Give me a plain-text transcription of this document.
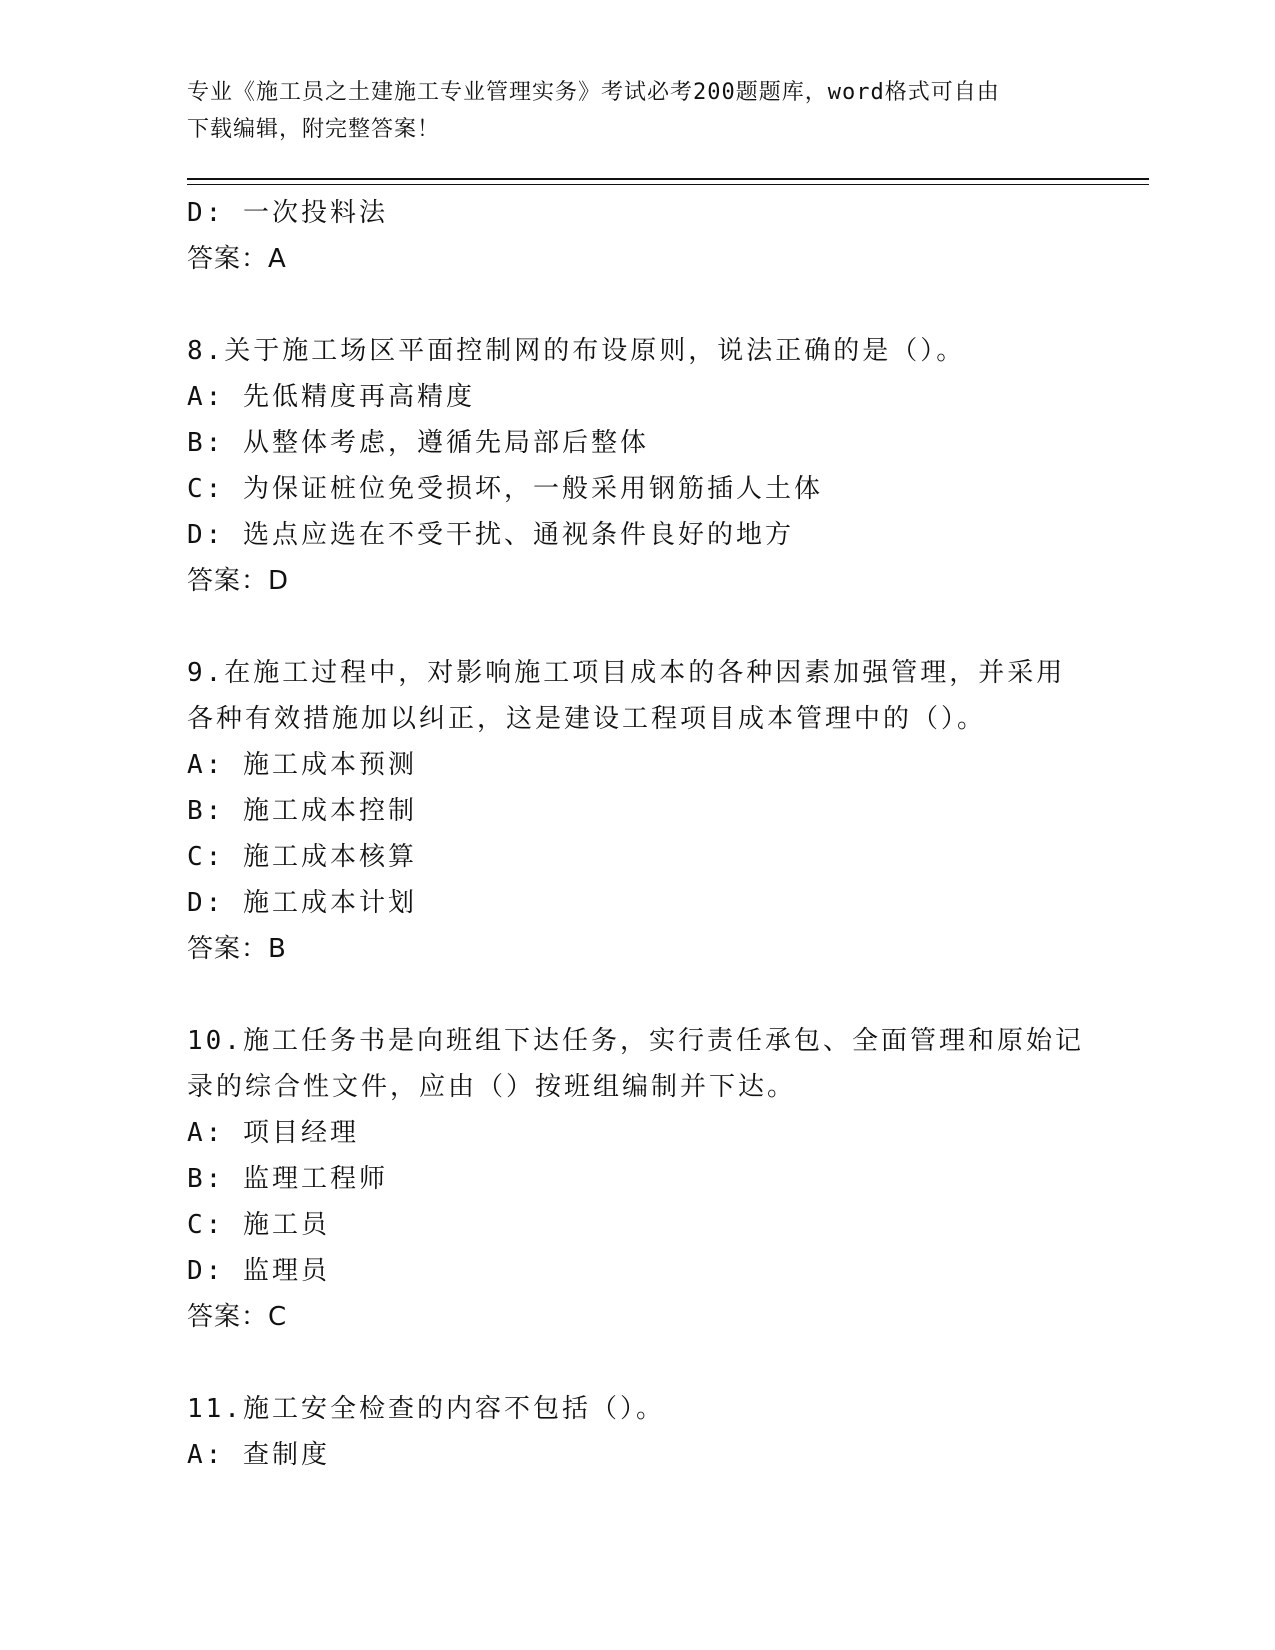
专业《施工员之土建施工专业管理实务》考试必考200题题库，word格式可自由
下载编辑，附完整答案！
D: 一次投料法
答案：A
8.关于施工场区平面控制网的布设原则，说法正确的是（）。
A: 先低精度再高精度
B: 从整体考虑，遵循先局部后整体
C: 为保证桩位免受损坏，一般采用钢筋插人土体
D: 选点应选在不受干扰、通视条件良好的地方
答案：D
9.在施工过程中，对影响施工项目成本的各种因素加强管理，并采用
各种有效措施加以纠正，这是建设工程项目成本管理中的（）。
A: 施工成本预测
B: 施工成本控制
C: 施工成本核算
D: 施工成本计划
答案：B
10.施工任务书是向班组下达任务，实行责任承包、全面管理和原始记
录的综合性文件，应由（）按班组编制并下达。
A: 项目经理
B: 监理工程师
C: 施工员
D: 监理员
答案：C
11.施工安全检查的内容不包括（）。
A: 查制度
